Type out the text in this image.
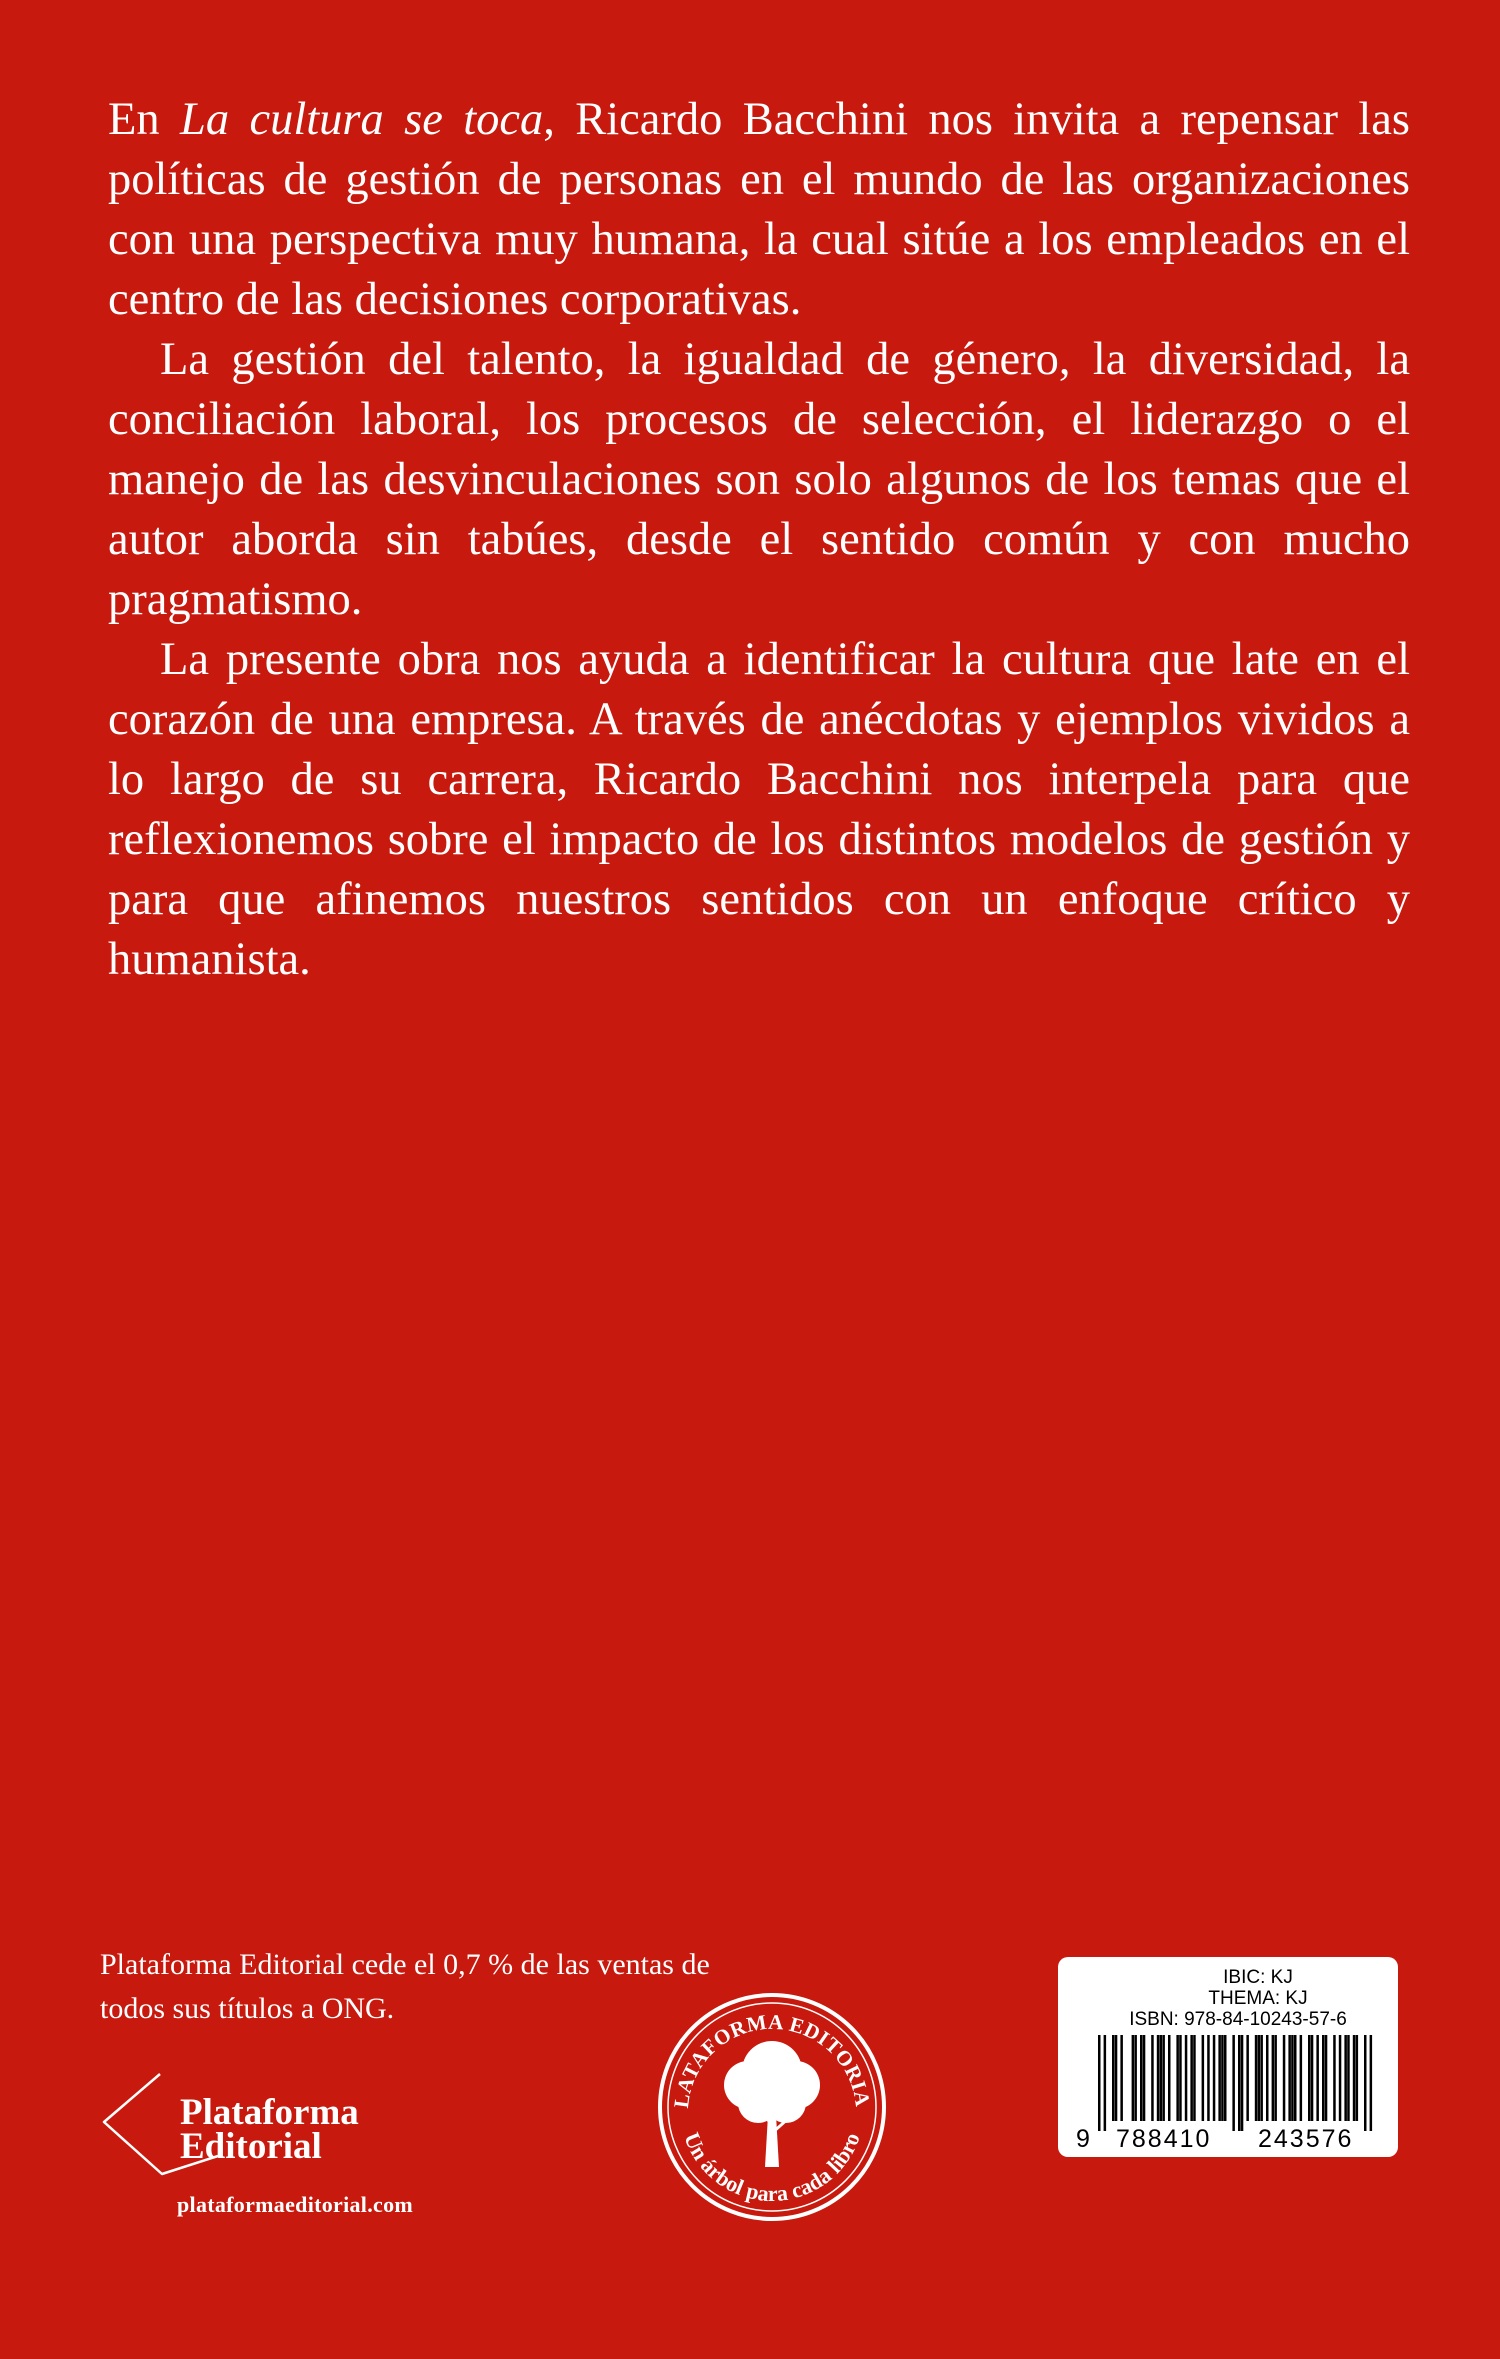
En La cultura se toca, Ricardo Bacchini nos invita a repensar las políticas de gestión de personas en el mundo de las organizaciones con una perspectiva muy humana, la cual sitúe a los empleados en el centro de las decisiones corporativas.

La gestión del talento, la igualdad de género, la diversidad, la conciliación laboral, los procesos de selección, el liderazgo o el manejo de las desvinculaciones son solo algunos de los temas que el autor aborda sin tabúes, desde el sentido común y con mucho pragmatismo.

La presente obra nos ayuda a identificar la cultura que late en el corazón de una empresa. A través de anécdotas y ejemplos vividos a lo largo de su carrera, Ricardo Bacchini nos interpela para que reflexionemos sobre el impacto de los distintos modelos de gestión y para que afinemos nuestros sentidos con un enfoque crítico y humanista.

Plataforma Editorial cede el 0,7 % de las ventas de todos sus títulos a ONG.
Plataforma
Editorial
plataformaeditorial.com
LATAFORMA EDITORIA
Un árbol para cada libro
IBIC: KJ
THEMA: KJ
ISBN: 978-84-10243-57-6
9 788410 243576
